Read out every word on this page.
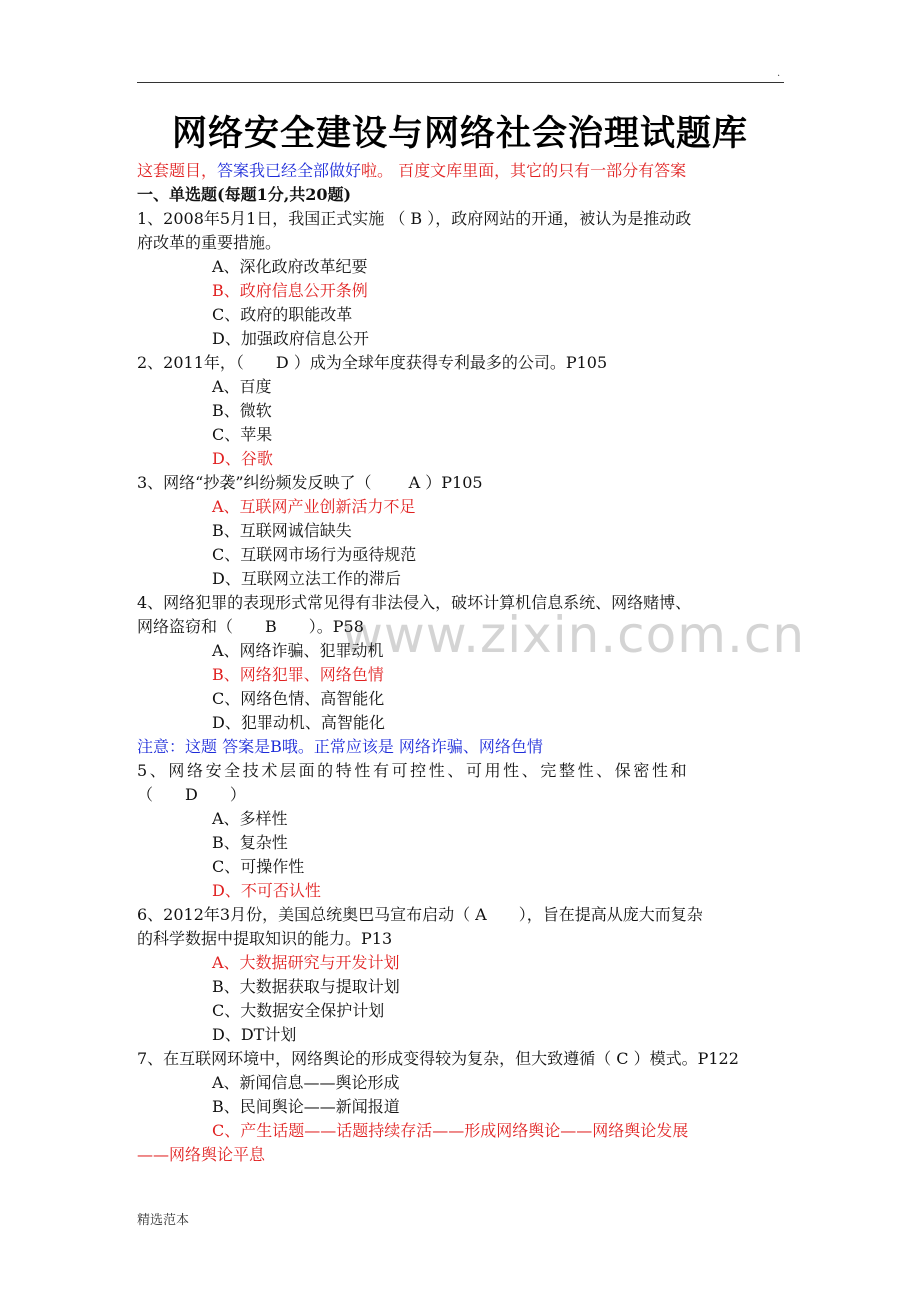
.
网络安全建设与网络社会治理试题库
www.zixin.com.cn
这套题目，答案我已经全部做好啦。 百度文库里面，其它的只有一部分有答案
一、单选题(每题1分,共20题)
1、2008年5月1日，我国正式实施 （ B ），政府网站的开通，被认为是推动政
府改革的重要措施。
A、深化政府改革纪要
B、政府信息公开条例
C、政府的职能改革
D、加强政府信息公开
2、2011年，（　　D ）成为全球年度获得专利最多的公司。P105
A、百度
B、微软
C、苹果
D、谷歌
3、网络“抄袭”纠纷频发反映了（　　 A ）P105
A、互联网产业创新活力不足
B、互联网诚信缺失
C、互联网市场行为亟待规范
D、互联网立法工作的滞后
4、网络犯罪的表现形式常见得有非法侵入，破坏计算机信息系统、网络赌博、
网络盗窃和（　　B　　）。P58
A、网络诈骗、犯罪动机
B、网络犯罪、网络色情
C、网络色情、高智能化
D、犯罪动机、高智能化
注意：这题 答案是B哦。正常应该是 网络诈骗、网络色情
5、网络安全技术层面的特性有可控性、可用性、完整性、保密性和
（　　D　　）
A、多样性
B、复杂性
C、可操作性
D、不可否认性
6、2012年3月份，美国总统奥巴马宣布启动（ A　　），旨在提高从庞大而复杂
的科学数据中提取知识的能力。P13
A、大数据研究与开发计划
B、大数据获取与提取计划
C、大数据安全保护计划
D、DT计划
7、在互联网环境中，网络舆论的形成变得较为复杂，但大致遵循（ C ）模式。P122
A、新闻信息——舆论形成
B、民间舆论——新闻报道
C、产生话题——话题持续存活——形成网络舆论——网络舆论发展
——网络舆论平息
精选范本
